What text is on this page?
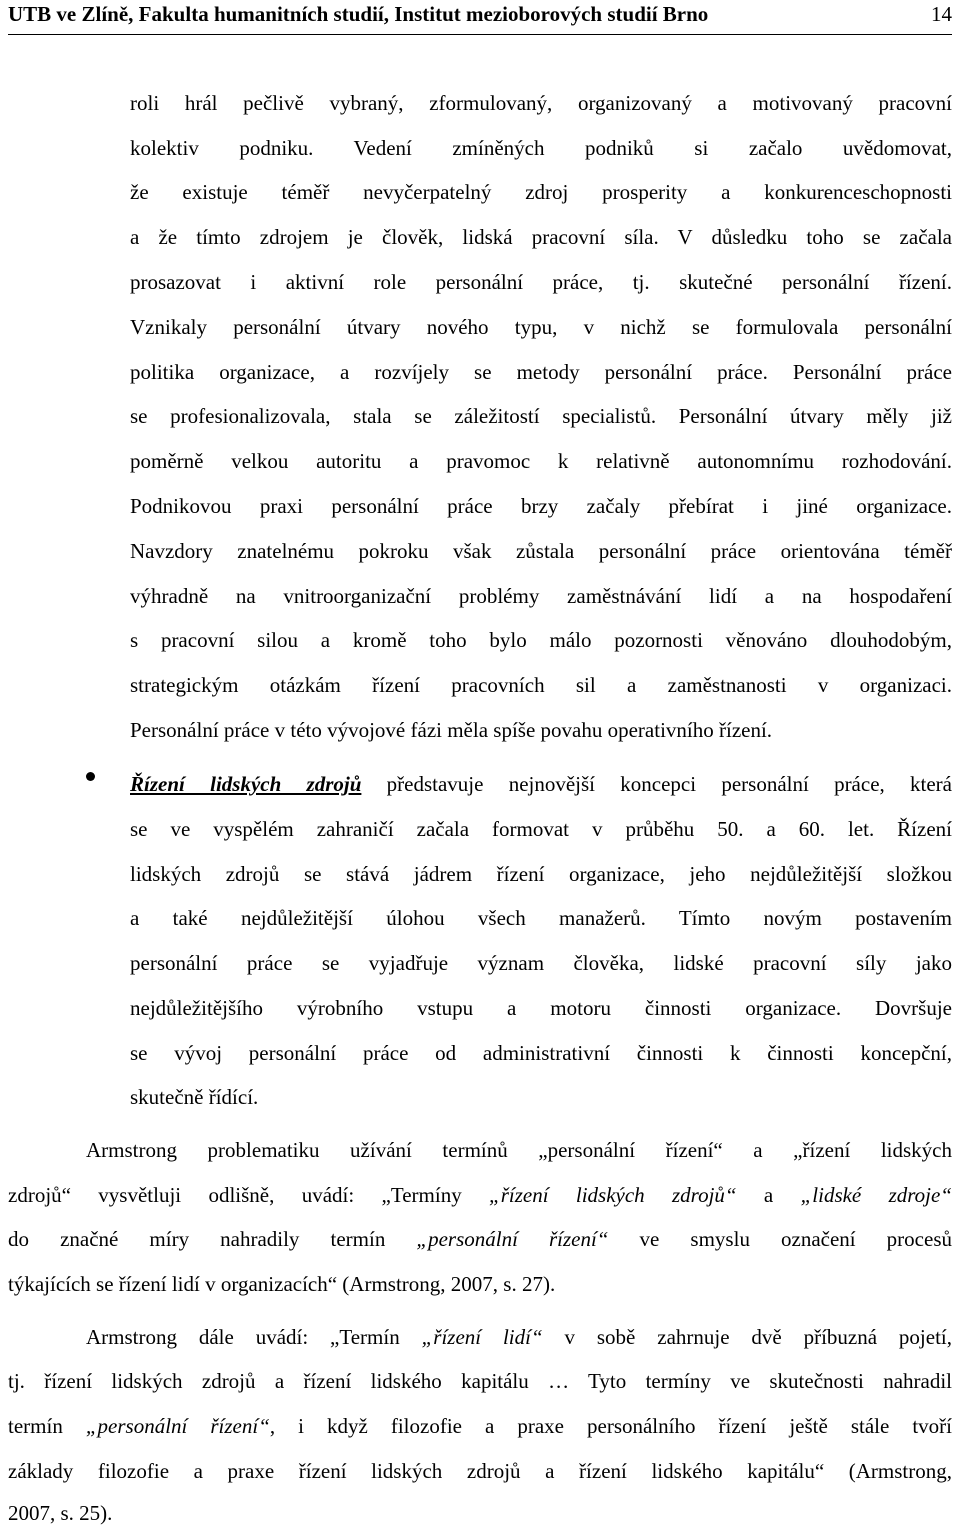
UTB ve Zlíně, Fakulta humanitních studií, Institut mezioborových studií Brno	14
roli hrál pečlivě vybraný, zformulovaný, organizovaný a motivovaný pracovní
kolektiv podniku. Vedení zmíněných podniků si začalo uvědomovat,
že existuje téměř nevyčerpatelný zdroj prosperity a konkurenceschopnosti
a že tímto zdrojem je člověk, lidská pracovní síla. V důsledku toho se začala
prosazovat i aktivní role personální práce, tj. skutečné personální řízení.
Vznikaly personální útvary nového typu, v nichž se formulovala personální
politika organizace, a rozvíjely se metody personální práce. Personální práce
se profesionalizovala, stala se záležitostí specialistů. Personální útvary měly již
poměrně velkou autoritu a pravomoc k relativně autonomnímu rozhodování.
Podnikovou praxi personální práce brzy začaly přebírat i jiné organizace.
Navzdory znatelnému pokroku však zůstala personální práce orientována téměř
výhradně na vnitroorganizační problémy zaměstnávání lidí a na hospodaření
s pracovní silou a kromě toho bylo málo pozornosti věnováno dlouhodobým,
strategickým otázkám řízení pracovních sil a zaměstnanosti v organizaci.
Personální práce v této vývojové fázi měla spíše povahu operativního řízení.
Řízení lidských zdrojů představuje nejnovější koncepci personální práce, která
se ve vyspělém zahraničí začala formovat v průběhu 50. a 60. let. Řízení
lidských zdrojů se stává jádrem řízení organizace, jeho nejdůležitější složkou
a také nejdůležitější úlohou všech manažerů. Tímto novým postavením
personální práce se vyjadřuje význam člověka, lidské pracovní síly jako
nejdůležitějšího výrobního vstupu a motoru činnosti organizace. Dovršuje
se vývoj personální práce od administrativní činnosti k činnosti koncepční,
skutečně řídící.
Armstrong problematiku užívání termínů „personální řízení“ a „řízení lidských
zdrojů“ vysvětluji odlišně, uvádí: „Termíny „řízení lidských zdrojů“ a „lidské zdroje“
do značné míry nahradily termín „personální řízení“ ve smyslu označení procesů
týkajících se řízení lidí v organizacích“ (Armstrong, 2007, s. 27).
Armstrong dále uvádí: „Termín „řízení lidí“ v sobě zahrnuje dvě příbuzná pojetí,
tj. řízení lidských zdrojů a řízení lidského kapitálu … Tyto termíny ve skutečnosti nahradil
termín „personální řízení“, i když filozofie a praxe personálního řízení ještě stále tvoří
základy filozofie a praxe řízení lidských zdrojů a řízení lidského kapitálu“ (Armstrong,
2007, s. 25).
